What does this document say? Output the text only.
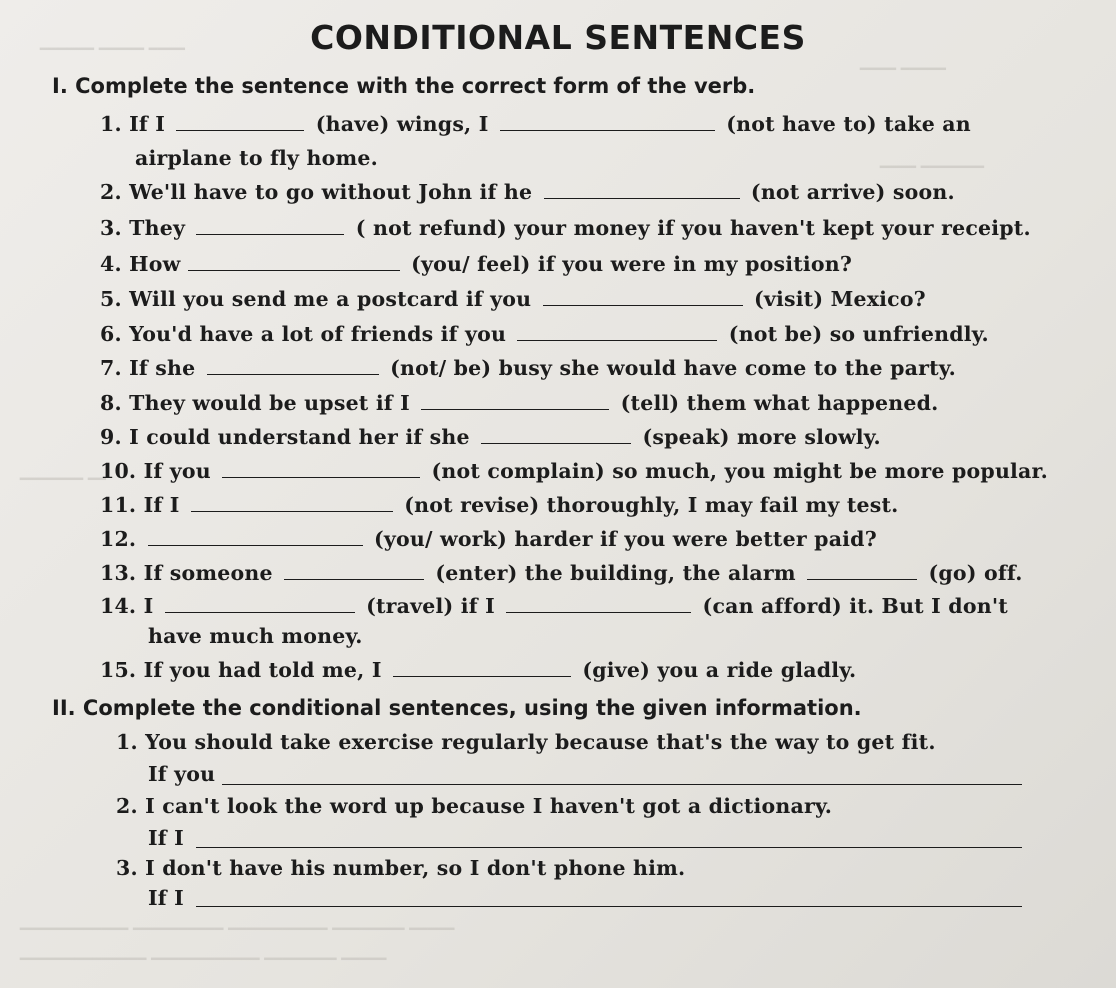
━━━━ ━━━━━ ━━━━━━
━━━━━ ━━━━
━━━━━━━ ━━━━
━━ ━━━━━━━
━━━━━ ━━━━━━━━ ━━━━━━━━━━━ ━━━━━━━━━━ ━━━━━━━━━━━━
━━━━━ ━━━━━━━━ ━━━━━━━━━━━━ ━━━━━━━━━━━━━━
CONDITIONAL SENTENCES
I. Complete the sentence with the correct form of the verb.
1. If I	(have) wings, I	(not have to) take an
airplane to fly home.
2. We'll have to go without John if he	(not arrive) soon.
3. They	( not refund) your money if you haven't kept your receipt.
4. How	(you/ feel) if you were in my position?
5. Will you send me a postcard if you	(visit) Mexico?
6. You'd have a lot of friends if you	(not be) so unfriendly.
7. If she	(not/ be) busy she would have come to the party.
8. They would be upset if I	(tell) them what happened.
9. I could understand her if she	(speak) more slowly.
10. If you	(not complain) so much, you might be more popular.
11. If I	(not revise) thoroughly, I may fail my test.
12.	(you/ work) harder if you were better paid?
13. If someone	(enter) the building, the alarm	(go) off.
14. I	(travel) if I	(can afford) it. But I don't
have much money.
15. If you had told me, I	(give) you a ride gladly.
II. Complete the conditional sentences, using the given information.
1. You should take exercise regularly because that's the way to get fit.
If you
2. I can't look the word up because I haven't got a dictionary.
If I
3. I don't have his number, so I don't phone him.
If I
